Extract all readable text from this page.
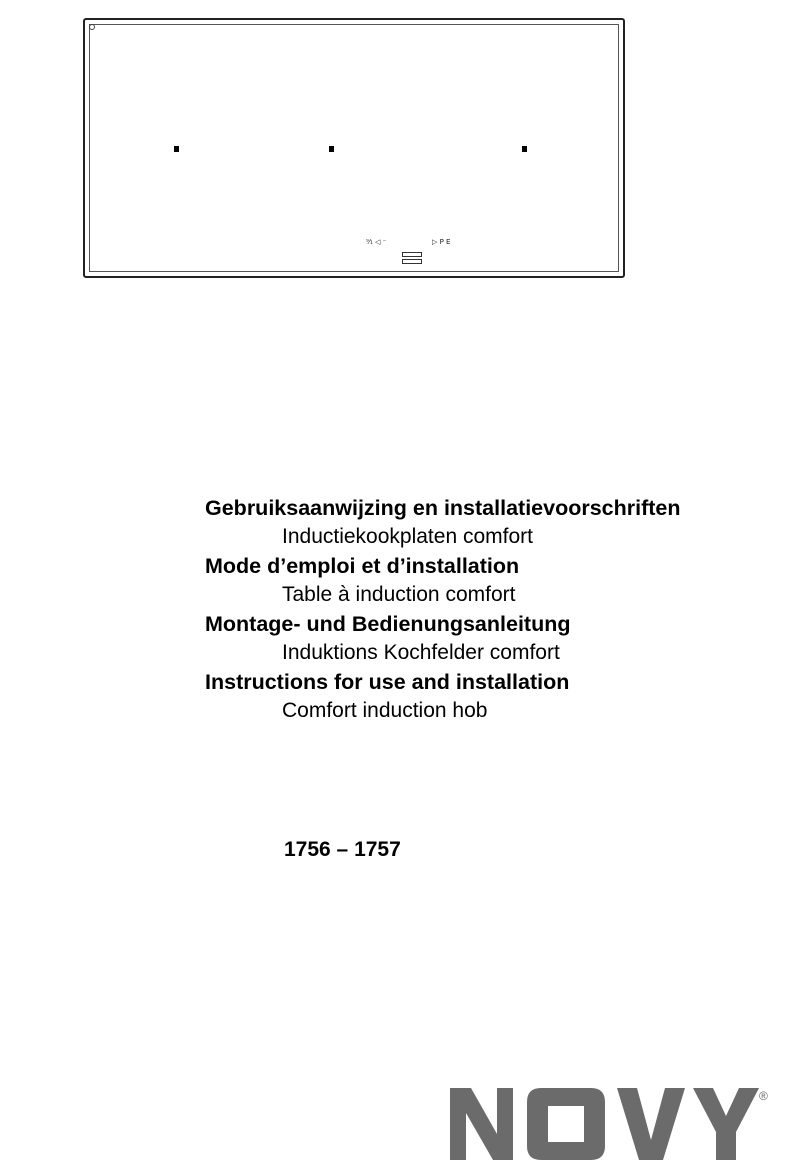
⁹⁄₁ ◁ ⁻	▷ P E
Gebruiksaanwijzing en installatievoorschriften
Inductiekookplaten comfort
Mode d’emploi et d’installation
Table à induction comfort
Montage- und Bedienungsanleitung
Induktions Kochfelder comfort
Instructions for use and installation
Comfort induction hob
1756 – 1757
®
